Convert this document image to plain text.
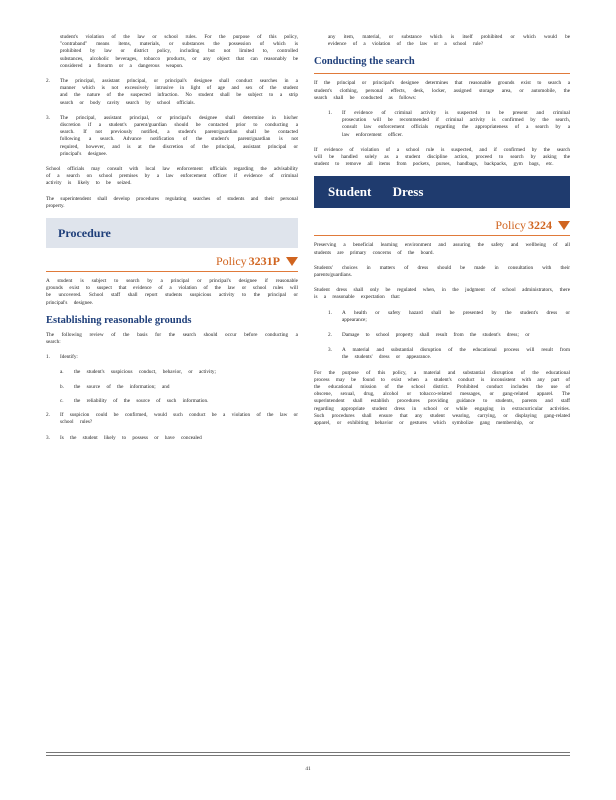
student's violation of the law or school rules. For the purpose of this policy, "contraband" means items, materials, or substances the possession of which is prohibited by law or district policy, including but not limited to, controlled substances, alcoholic beverages, tobacco products, or any object that can reasonably be considered a firearm or a dangerous weapon.

2.	The principal, assistant principal, or principal's designee shall conduct searches in a manner which is not excessively intrusive in light of age and sex of the student and the nature of the suspected infraction. No student shall be subject to a strip search or body cavity search by school officials.

3.	The principal, assistant principal, or principal's designee shall determine in his/her discretion if a student's parent/guardian should be contacted prior to conducting a search. If not previously notified, a student's parent/guardian shall be contacted following a search. Advance notification of the student's parent/guardian is not required, however, and is at the discretion of the principal, assistant principal or principal's designee.

School officials may consult with local law enforcement officials regarding the advisability of a search on school premises by a law enforcement officer if evidence of criminal activity is likely to be seized.

The superintendent shall develop procedures regulating searches of students and their personal property.

Procedure
Policy 3231P

A student is subject to search by a principal or principal's designee if reasonable grounds exist to suspect that evidence of a violation of the law or school rules will be uncovered. School staff shall report students suspicious activity to the principal or principal's designee.

Establishing reasonable grounds

The following review of the basis for the search should occur before conducting a search:

1.	Identify:

a.	the student's suspicious conduct, behavior, or activity;

b.	the source of the information; and

c.	the reliability of the source of such information.

2.	If suspicion could be confirmed, would such conduct be a violation of the law or school rules?

3.	Is the student likely to possess or have concealed

any item, material, or substance which is itself prohibited or which would be evidence of a violation of the law or a school rule?

Conducting the search

If the principal or principal's designee determines that reasonable grounds exist to search a student's clothing, personal effects, desk, locker, assigned storage area, or automobile, the search shall be conducted as follows:

1.	If evidence of criminal activity is suspected to be present and criminal prosecution will be recommended if criminal activity is confirmed by the search, consult law enforcement officials regarding the appropriateness of a search by a law enforcement officer.

If evidence of violation of a school rule is suspected, and if confirmed by the search will be handled solely as a student discipline action, proceed to search by asking the student to remove all items from pockets, purses, handbags, backpacks, gym bags, etc.

Student Dress
Policy 3224

Preserving a beneficial learning environment and assuring the safety and wellbeing of all students are primary concerns of the board.

Students' choices in matters of dress should be made in consultation with their parents/guardians.

Student dress shall only be regulated when, in the judgment of school administrators, there is a reasonable expectation that:

1.	A health or safety hazard shall be presented by the student's dress or appearance;

2.	Damage to school property shall result from the student's dress; or

3.	A material and substantial disruption of the educational process will result from the students' dress or appearance.

For the purpose of this policy, a material and substantial disruption of the educational process may be found to exist when a student's conduct is inconsistent with any part of the educational mission of the school district. Prohibited conduct includes the use of obscene, sexual, drug, alcohol or tobacco-related messages, or gang-related apparel. The superintendent shall establish procedures providing guidance to students, parents and staff regarding appropriate student dress in school or while engaging in extracurricular activities. Such procedures shall ensure that any student wearing, carrying, or displaying gang-related apparel, or exhibiting behavior or gestures which symbolize gang membership, or

41
